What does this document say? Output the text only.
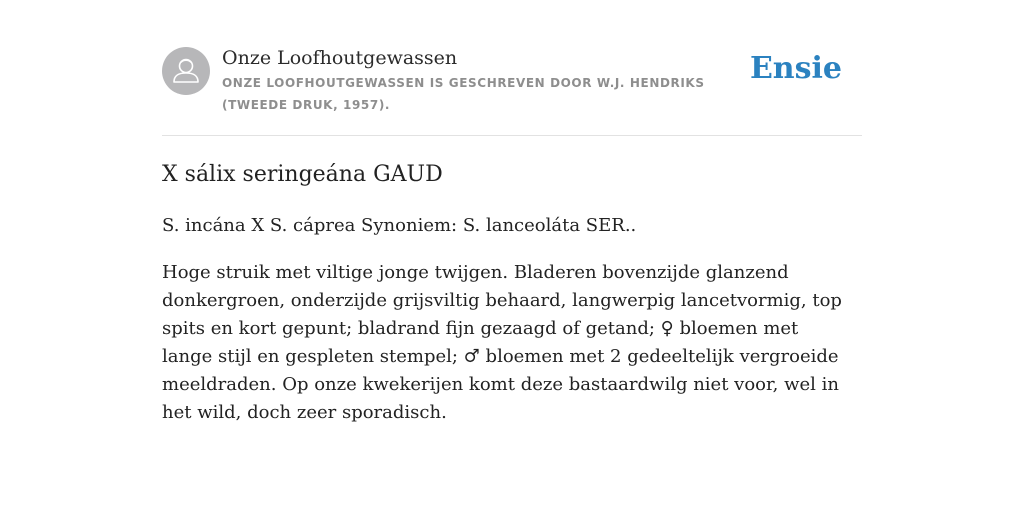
Onze Loofhoutgewassen
ONZE LOOFHOUTGEWASSEN IS GESCHREVEN DOOR W.J. HENDRIKS (TWEEDE DRUK, 1957).
Ensie
X sálix seringeána GAUD

S. incána X S. cáprea Synoniem: S. lanceoláta SER..

Hoge struik met viltige jonge twijgen. Bladeren bovenzijde glanzend donkergroen, onderzijde grijsviltig behaard, langwerpig lancetvormig, top spits en kort gepunt; bladrand fijn gezaagd of getand; ♀ bloemen met lange stijl en gespleten stempel; ♂ bloemen met 2 gedeeltelijk vergroeide meeldraden. Op onze kwekerijen komt deze bastaardwilg niet voor, wel in het wild, doch zeer sporadisch.
